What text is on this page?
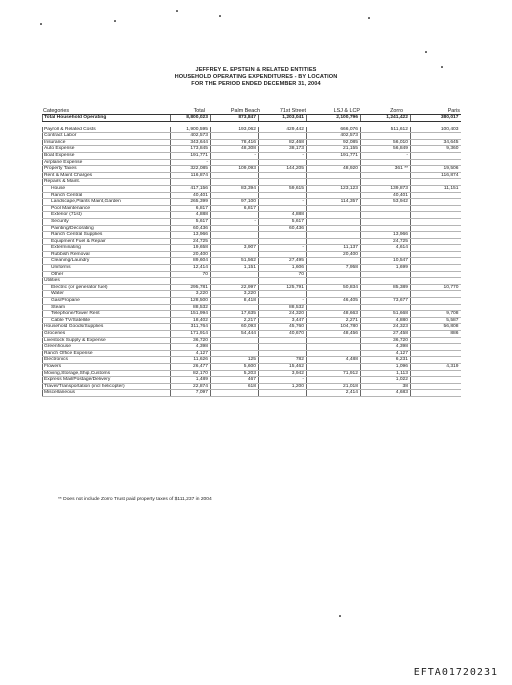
JEFFREY E. EPSTEIN & RELATED ENTITIES
HOUSEHOLD OPERATING EXPENDITURES - BY LOCATION
FOR THE PERIOD ENDED DECEMBER 31, 2004
Categories	Total	Palm Beach	71st Street	LSJ & LCP	Zorro	Paris
Total Household Operating	8,800,023	873,847	1,203,041	2,100,796	1,241,422	380,017

Payroll & Related Costs	1,900,595	193,062	429,442	666,076	511,612	100,403
Contract Labor	402,573			402,573		
Insurance	343,644	78,416	82,468	92,085	56,010	34,645
Auto Expense	173,845	48,308	38,173	21,155	56,849	9,360
Boat Expense	191,771	-	-	191,771	-	
Airplane Expense	-					
Property Taxes	322,085	109,093	144,205	48,920	361 **	19,506
Rent & Maint Charges	116,874					116,874
Repairs & Maint.						
House	417,156	83,394	59,615	123,123	139,873	11,151
Ranch Central	40,401				40,401	
Landscape,Plants Maint,Garden	265,399	97,100	-	114,357	53,942	
Pool Maintenance	6,817	6,817				
Exterior (71st)	4,888		4,888			
Security	5,617	-	5,617			
Painting/Decorating	60,436		60,436			
Ranch Central Supplies	13,966				13,966	
Equipment Fuel & Repair	24,725				24,725	
Exterminating	19,658	3,907	-	11,137	4,614	
Rubbish Removal	20,400			20,400		
Cleaning/Laundry	89,604	51,562	27,495		10,547	
Uniforms	12,414	1,151	1,606	7,958	1,699	
Other	70		70			
Utilities						
Electric (or generator fuel)	295,781	22,997	125,791	50,834	85,389	10,770
Water	3,220	3,220				
Gas/Propane	128,500	8,418	-	46,405	73,677	
Steam	88,532		88,532			
Telephone/Tower Rent	151,994	17,635	24,320	48,663	51,668	9,708
Cable TV/Satellite	18,402	2,217	3,447	2,271	4,880	5,587
Household Goods/Supplies	311,764	60,093	45,760	104,780	24,323	56,808
Groceries	171,914	54,444	40,670	48,456	27,458	886
Livestock Supply & Expense	36,720				36,720	
Greenhouse	4,398				4,398	
Ranch Office Expense	4,127				4,127	
Electronics	11,626	125	782	4,488	6,231	
Flowers	26,477	5,600	15,462		1,096	4,319
Moving,Storage,Ship,Customs	82,170	5,203	3,942	71,912	1,113	
Express Mail/Postage/Delivery	1,489	467	-		1,022	
Travel/Transportation (incl helicopter)	22,874	618	1,200	21,018	38	
Miscellaneous	7,097			2,414	4,683	
** Does not include Zorro Trust paid property taxes of $111,237 in 2004
EFTA01720231
